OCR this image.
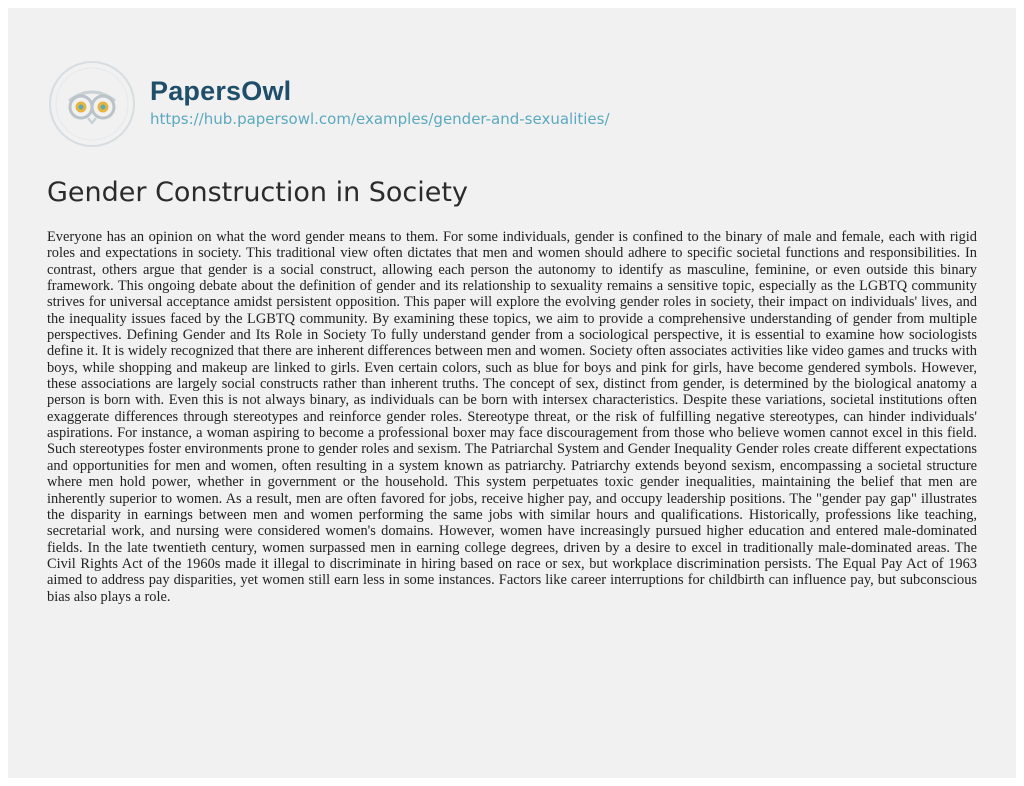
PapersOwl
https://hub.papersowl.com/examples/gender-and-sexualities/
Gender Construction in Society

Everyone has an opinion on what the word gender means to them. For some individuals, gender is confined to the binary of male and female, each with rigid roles and expectations in society. This traditional view often dictates that men and women should adhere to specific societal functions and responsibilities. In contrast, others argue that gender is a social construct, allowing each person the autonomy to identify as masculine, feminine, or even outside this binary framework. This ongoing debate about the definition of gender and its relationship to sexuality remains a sensitive topic, especially as the LGBTQ community strives for universal acceptance amidst persistent opposition. This paper will explore the evolving gender roles in society, their impact on individuals' lives, and the inequality issues faced by the LGBTQ community. By examining these topics, we aim to provide a comprehensive understanding of gender from multiple perspectives. Defining Gender and Its Role in Society To fully understand gender from a sociological perspective, it is essential to examine how sociologists define it. It is widely recognized that there are inherent differences between men and women. Society often associates activities like video games and trucks with boys, while shopping and makeup are linked to girls. Even certain colors, such as blue for boys and pink for girls, have become gendered symbols. However, these associations are largely social constructs rather than inherent truths. The concept of sex, distinct from gender, is determined by the biological anatomy a person is born with. Even this is not always binary, as individuals can be born with intersex characteristics. Despite these variations, societal institutions often exaggerate differences through stereotypes and reinforce gender roles. Stereotype threat, or the risk of fulfilling negative stereotypes, can hinder individuals' aspirations. For instance, a woman aspiring to become a professional boxer may face discouragement from those who believe women cannot excel in this field. Such stereotypes foster environments prone to gender roles and sexism. The Patriarchal System and Gender Inequality Gender roles create different expectations and opportunities for men and women, often resulting in a system known as patriarchy. Patriarchy extends beyond sexism, encompassing a societal structure where men hold power, whether in government or the household. This system perpetuates toxic gender inequalities, maintaining the belief that men are inherently superior to women. As a result, men are often favored for jobs, receive higher pay, and occupy leadership positions. The "gender pay gap" illustrates the disparity in earnings between men and women performing the same jobs with similar hours and qualifications. Historically, professions like teaching, secretarial work, and nursing were considered women's domains. However, women have increasingly pursued higher education and entered male-dominated fields. In the late twentieth century, women surpassed men in earning college degrees, driven by a desire to excel in traditionally male-dominated areas. The Civil Rights Act of the 1960s made it illegal to discriminate in hiring based on race or sex, but workplace discrimination persists. The Equal Pay Act of 1963 aimed to address pay disparities, yet women still earn less in some instances. Factors like career interruptions for childbirth can influence pay, but subconscious bias also plays a role.
